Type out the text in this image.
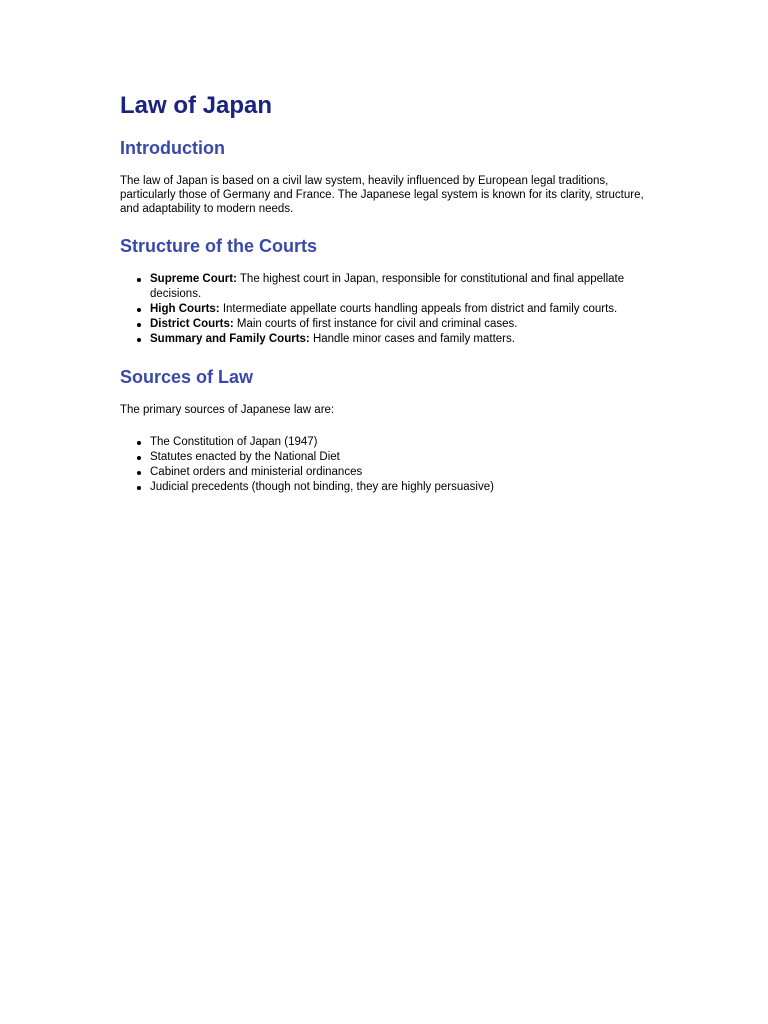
Law of Japan
Introduction

The law of Japan is based on a civil law system, heavily influenced by European legal traditions, particularly those of Germany and France. The Japanese legal system is known for its clarity, structure, and adaptability to modern needs.

Structure of the Courts
Supreme Court: The highest court in Japan, responsible for constitutional and final appellate decisions.
High Courts: Intermediate appellate courts handling appeals from district and family courts.
District Courts: Main courts of first instance for civil and criminal cases.
Summary and Family Courts: Handle minor cases and family matters.
Sources of Law

The primary sources of Japanese law are:

The Constitution of Japan (1947)
Statutes enacted by the National Diet
Cabinet orders and ministerial ordinances
Judicial precedents (though not binding, they are highly persuasive)
